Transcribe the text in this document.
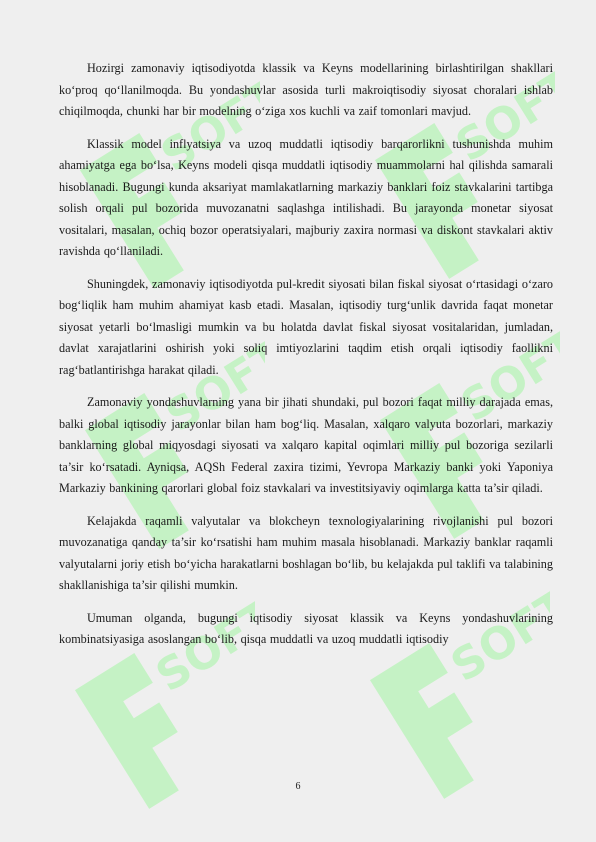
SOFT	SOFT
SOFT	SOFT
SOFT	SOFT

Hozirgi zamonaviy iqtisodiyotda klassik va Keyns modellarining birlashtirilgan shakllari ko‘proq qo‘llanilmoqda. Bu yondashuvlar asosida turli makroiqtisodiy siyosat choralari ishlab chiqilmoqda, chunki har bir modelning o‘ziga xos kuchli va zaif tomonlari mavjud.

Klassik model inflyatsiya va uzoq muddatli iqtisodiy barqarorlikni tushunishda muhim ahamiyatga ega bo‘lsa, Keyns modeli qisqa muddatli iqtisodiy muammolarni hal qilishda samarali hisoblanadi. Bugungi kunda aksariyat mamlakatlarning markaziy banklari foiz stavkalarini tartibga solish orqali pul bozorida muvozanatni saqlashga intilishadi. Bu jarayonda monetar siyosat vositalari, masalan, ochiq bozor operatsiyalari, majburiy zaxira normasi va diskont stavkalari aktiv ravishda qo‘llaniladi.

Shuningdek, zamonaviy iqtisodiyotda pul-kredit siyosati bilan fiskal siyosat o‘rtasidagi o‘zaro bog‘liqlik ham muhim ahamiyat kasb etadi. Masalan, iqtisodiy turg‘unlik davrida faqat monetar siyosat yetarli bo‘lmasligi mumkin va bu holatda davlat fiskal siyosat vositalaridan, jumladan, davlat xarajatlarini oshirish yoki soliq imtiyozlarini taqdim etish orqali iqtisodiy faollikni rag‘batlantirishga harakat qiladi.

Zamonaviy yondashuvlarning yana bir jihati shundaki, pul bozori faqat milliy darajada emas, balki global iqtisodiy jarayonlar bilan ham bog‘liq. Masalan, xalqaro valyuta bozorlari, markaziy banklarning global miqyosdagi siyosati va xalqaro kapital oqimlari milliy pul bozoriga sezilarli ta’sir ko‘rsatadi. Ayniqsa, AQSh Federal zaxira tizimi, Yevropa Markaziy banki yoki Yaponiya Markaziy bankining qarorlari global foiz stavkalari va investitsiyaviy oqimlarga katta ta’sir qiladi.

Kelajakda raqamli valyutalar va blokcheyn texnologiyalarining rivojlanishi pul bozori muvozanatiga qanday ta’sir ko‘rsatishi ham muhim masala hisoblanadi. Markaziy banklar raqamli valyutalarni joriy etish bo‘yicha harakatlarni boshlagan bo‘lib, bu kelajakda pul taklifi va talabining shakllanishiga ta’sir qilishi mumkin.

Umuman olganda, bugungi iqtisodiy siyosat klassik va Keyns yondashuvlarining kombinatsiyasiga asoslangan bo‘lib, qisqa muddatli va uzoq muddatli iqtisodiy

6
